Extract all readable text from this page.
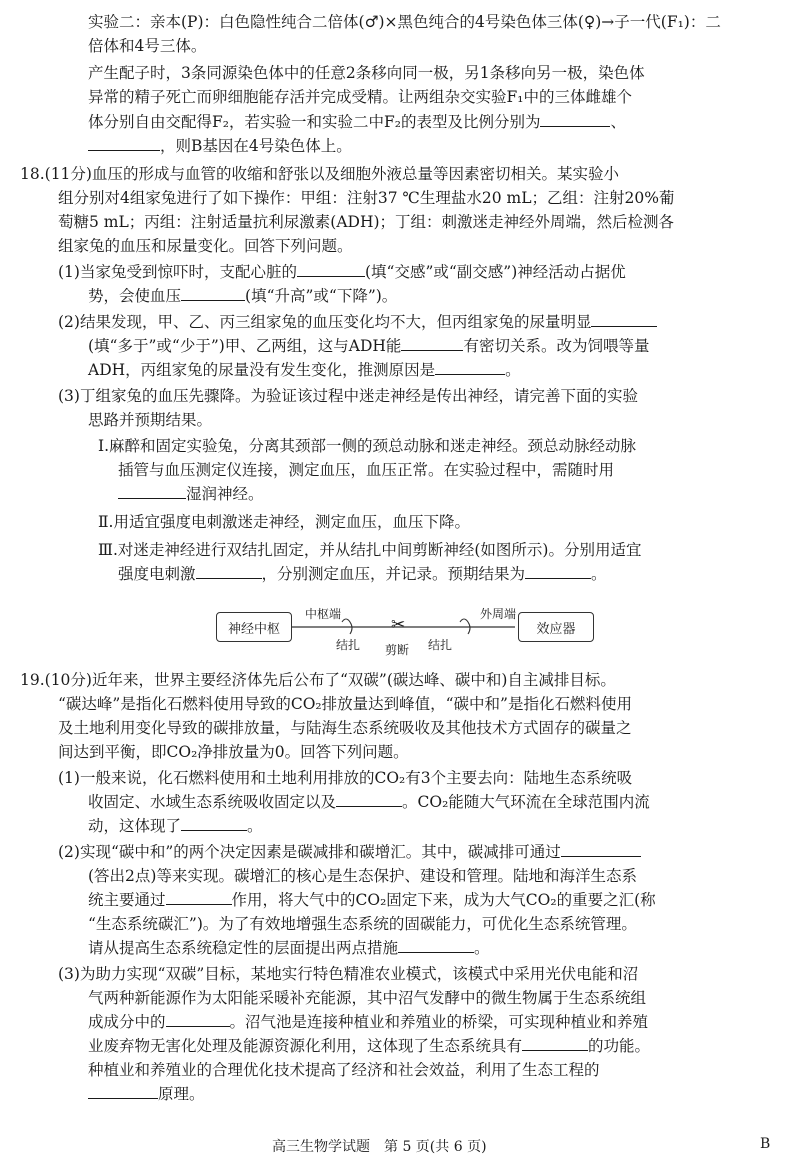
实验二：亲本(P)：白色隐性纯合二倍体(♂)×黑色纯合的4号染色体三体(♀)→子一代(F₁)：二
倍体和4号三体。
产生配子时，3条同源染色体中的任意2条移向同一极，另1条移向另一极，染色体
异常的精子死亡而卵细胞能存活并完成受精。让两组杂交实验F₁中的三体雌雄个
体分别自由交配得F₂，若实验一和实验二中F₂的表型及比例分别为	、
，则B基因在4号染色体上。
18.(11分)血压的形成与血管的收缩和舒张以及细胞外液总量等因素密切相关。某实验小
组分别对4组家兔进行了如下操作：甲组：注射37 ℃生理盐水20 mL；乙组：注射20%葡
萄糖5 mL；丙组：注射适量抗利尿激素(ADH)；丁组：刺激迷走神经外周端，然后检测各
组家兔的血压和尿量变化。回答下列问题。
(1)当家兔受到惊吓时，支配心脏的	(填“交感”或“副交感”)神经活动占据优
势，会使血压	(填“升高”或“下降”)。
(2)结果发现，甲、乙、丙三组家兔的血压变化均不大，但丙组家兔的尿量明显
(填“多于”或“少于”)甲、乙两组，这与ADH能	有密切关系。改为饲喂等量
ADH，丙组家兔的尿量没有发生变化，推测原因是	。
(3)丁组家兔的血压先骤降。为验证该过程中迷走神经是传出神经，请完善下面的实验
思路并预期结果。
Ⅰ.麻醉和固定实验兔，分离其颈部一侧的颈总动脉和迷走神经。颈总动脉经动脉
插管与血压测定仪连接，测定血压，血压正常。在实验过程中，需随时用
湿润神经。
Ⅱ.用适宜强度电刺激迷走神经，测定血压，血压下降。
Ⅲ.对迷走神经进行双结扎固定，并从结扎中间剪断神经(如图所示)。分别用适宜
强度电刺激	，分别测定血压，并记录。预期结果为	。
神经中枢	效应器
中枢端	外周端
结扎	结扎
✂
剪断
19.(10分)近年来，世界主要经济体先后公布了“双碳”(碳达峰、碳中和)自主减排目标。
“碳达峰”是指化石燃料使用导致的CO₂排放量达到峰值，“碳中和”是指化石燃料使用
及土地利用变化导致的碳排放量，与陆海生态系统吸收及其他技术方式固存的碳量之
间达到平衡，即CO₂净排放量为0。回答下列问题。
(1)一般来说，化石燃料使用和土地利用排放的CO₂有3个主要去向：陆地生态系统吸
收固定、水域生态系统吸收固定以及	。CO₂能随大气环流在全球范围内流
动，这体现了	。
(2)实现“碳中和”的两个决定因素是碳减排和碳增汇。其中，碳减排可通过
(答出2点)等来实现。碳增汇的核心是生态保护、建设和管理。陆地和海洋生态系
统主要通过	作用，将大气中的CO₂固定下来，成为大气CO₂的重要之汇(称
“生态系统碳汇”)。为了有效地增强生态系统的固碳能力，可优化生态系统管理。
请从提高生态系统稳定性的层面提出两点措施	。
(3)为助力实现“双碳”目标，某地实行特色精准农业模式，该模式中采用光伏电能和沼
气两种新能源作为太阳能采暖补充能源，其中沼气发酵中的微生物属于生态系统组
成成分中的	。沼气池是连接种植业和养殖业的桥梁，可实现种植业和养殖
业废弃物无害化处理及能源资源化利用，这体现了生态系统具有	的功能。
种植业和养殖业的合理优化技术提高了经济和社会效益，利用了生态工程的
原理。
高三生物学试题　第 5 页(共 6 页)	B
